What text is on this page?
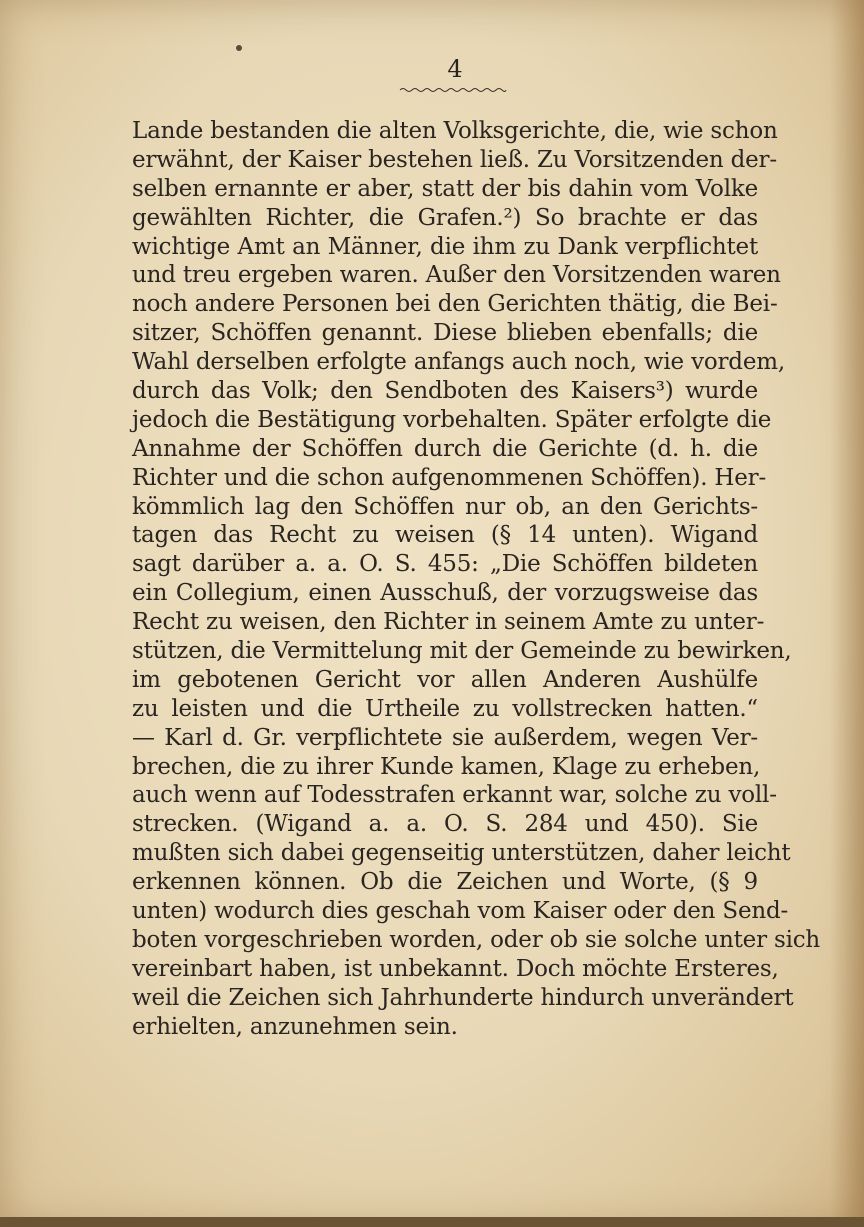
4
Lande bestanden die alten Volksgerichte, die, wie schon
erwähnt, der Kaiser bestehen ließ. Zu Vorsitzenden der-
selben ernannte er aber, statt der bis dahin vom Volke
gewählten Richter, die Grafen.²) So brachte er das
wichtige Amt an Männer, die ihm zu Dank verpflichtet
und treu ergeben waren. Außer den Vorsitzenden waren
noch andere Personen bei den Gerichten thätig, die Bei-
sitzer, Schöffen genannt. Diese blieben ebenfalls; die
Wahl derselben erfolgte anfangs auch noch, wie vordem,
durch das Volk; den Sendboten des Kaisers³) wurde
jedoch die Bestätigung vorbehalten. Später erfolgte die
Annahme der Schöffen durch die Gerichte (d. h. die
Richter und die schon aufgenommenen Schöffen). Her-
kömmlich lag den Schöffen nur ob, an den Gerichts-
tagen das Recht zu weisen (§ 14 unten). Wigand
sagt darüber a. a. O. S. 455: „Die Schöffen bildeten
ein Collegium, einen Ausschuß, der vorzugsweise das
Recht zu weisen, den Richter in seinem Amte zu unter-
stützen, die Vermittelung mit der Gemeinde zu bewirken,
im gebotenen Gericht vor allen Anderen Aushülfe
zu leisten und die Urtheile zu vollstrecken hatten.“
— Karl d. Gr. verpflichtete sie außerdem, wegen Ver-
brechen, die zu ihrer Kunde kamen, Klage zu erheben,
auch wenn auf Todesstrafen erkannt war, solche zu voll-
strecken. (Wigand a. a. O. S. 284 und 450). Sie
mußten sich dabei gegenseitig unterstützen, daher leicht
erkennen können. Ob die Zeichen und Worte, (§ 9
unten) wodurch dies geschah vom Kaiser oder den Send-
boten vorgeschrieben worden, oder ob sie solche unter sich
vereinbart haben, ist unbekannt. Doch möchte Ersteres,
weil die Zeichen sich Jahrhunderte hindurch unverändert
erhielten, anzunehmen sein.
